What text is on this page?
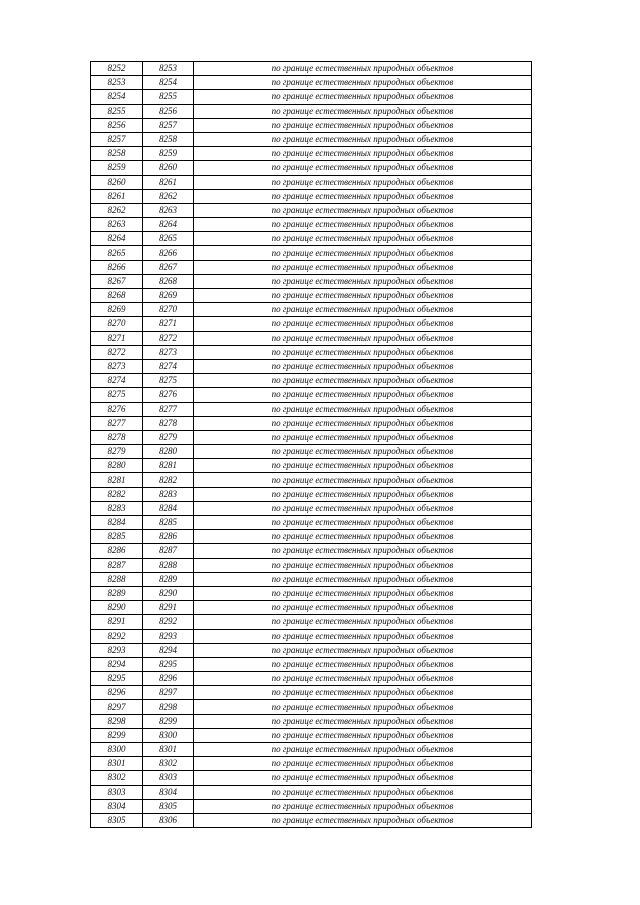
8252	8253	по границе естественных природных объектов
8253	8254	по границе естественных природных объектов
8254	8255	по границе естественных природных объектов
8255	8256	по границе естественных природных объектов
8256	8257	по границе естественных природных объектов
8257	8258	по границе естественных природных объектов
8258	8259	по границе естественных природных объектов
8259	8260	по границе естественных природных объектов
8260	8261	по границе естественных природных объектов
8261	8262	по границе естественных природных объектов
8262	8263	по границе естественных природных объектов
8263	8264	по границе естественных природных объектов
8264	8265	по границе естественных природных объектов
8265	8266	по границе естественных природных объектов
8266	8267	по границе естественных природных объектов
8267	8268	по границе естественных природных объектов
8268	8269	по границе естественных природных объектов
8269	8270	по границе естественных природных объектов
8270	8271	по границе естественных природных объектов
8271	8272	по границе естественных природных объектов
8272	8273	по границе естественных природных объектов
8273	8274	по границе естественных природных объектов
8274	8275	по границе естественных природных объектов
8275	8276	по границе естественных природных объектов
8276	8277	по границе естественных природных объектов
8277	8278	по границе естественных природных объектов
8278	8279	по границе естественных природных объектов
8279	8280	по границе естественных природных объектов
8280	8281	по границе естественных природных объектов
8281	8282	по границе естественных природных объектов
8282	8283	по границе естественных природных объектов
8283	8284	по границе естественных природных объектов
8284	8285	по границе естественных природных объектов
8285	8286	по границе естественных природных объектов
8286	8287	по границе естественных природных объектов
8287	8288	по границе естественных природных объектов
8288	8289	по границе естественных природных объектов
8289	8290	по границе естественных природных объектов
8290	8291	по границе естественных природных объектов
8291	8292	по границе естественных природных объектов
8292	8293	по границе естественных природных объектов
8293	8294	по границе естественных природных объектов
8294	8295	по границе естественных природных объектов
8295	8296	по границе естественных природных объектов
8296	8297	по границе естественных природных объектов
8297	8298	по границе естественных природных объектов
8298	8299	по границе естественных природных объектов
8299	8300	по границе естественных природных объектов
8300	8301	по границе естественных природных объектов
8301	8302	по границе естественных природных объектов
8302	8303	по границе естественных природных объектов
8303	8304	по границе естественных природных объектов
8304	8305	по границе естественных природных объектов
8305	8306	по границе естественных природных объектов
